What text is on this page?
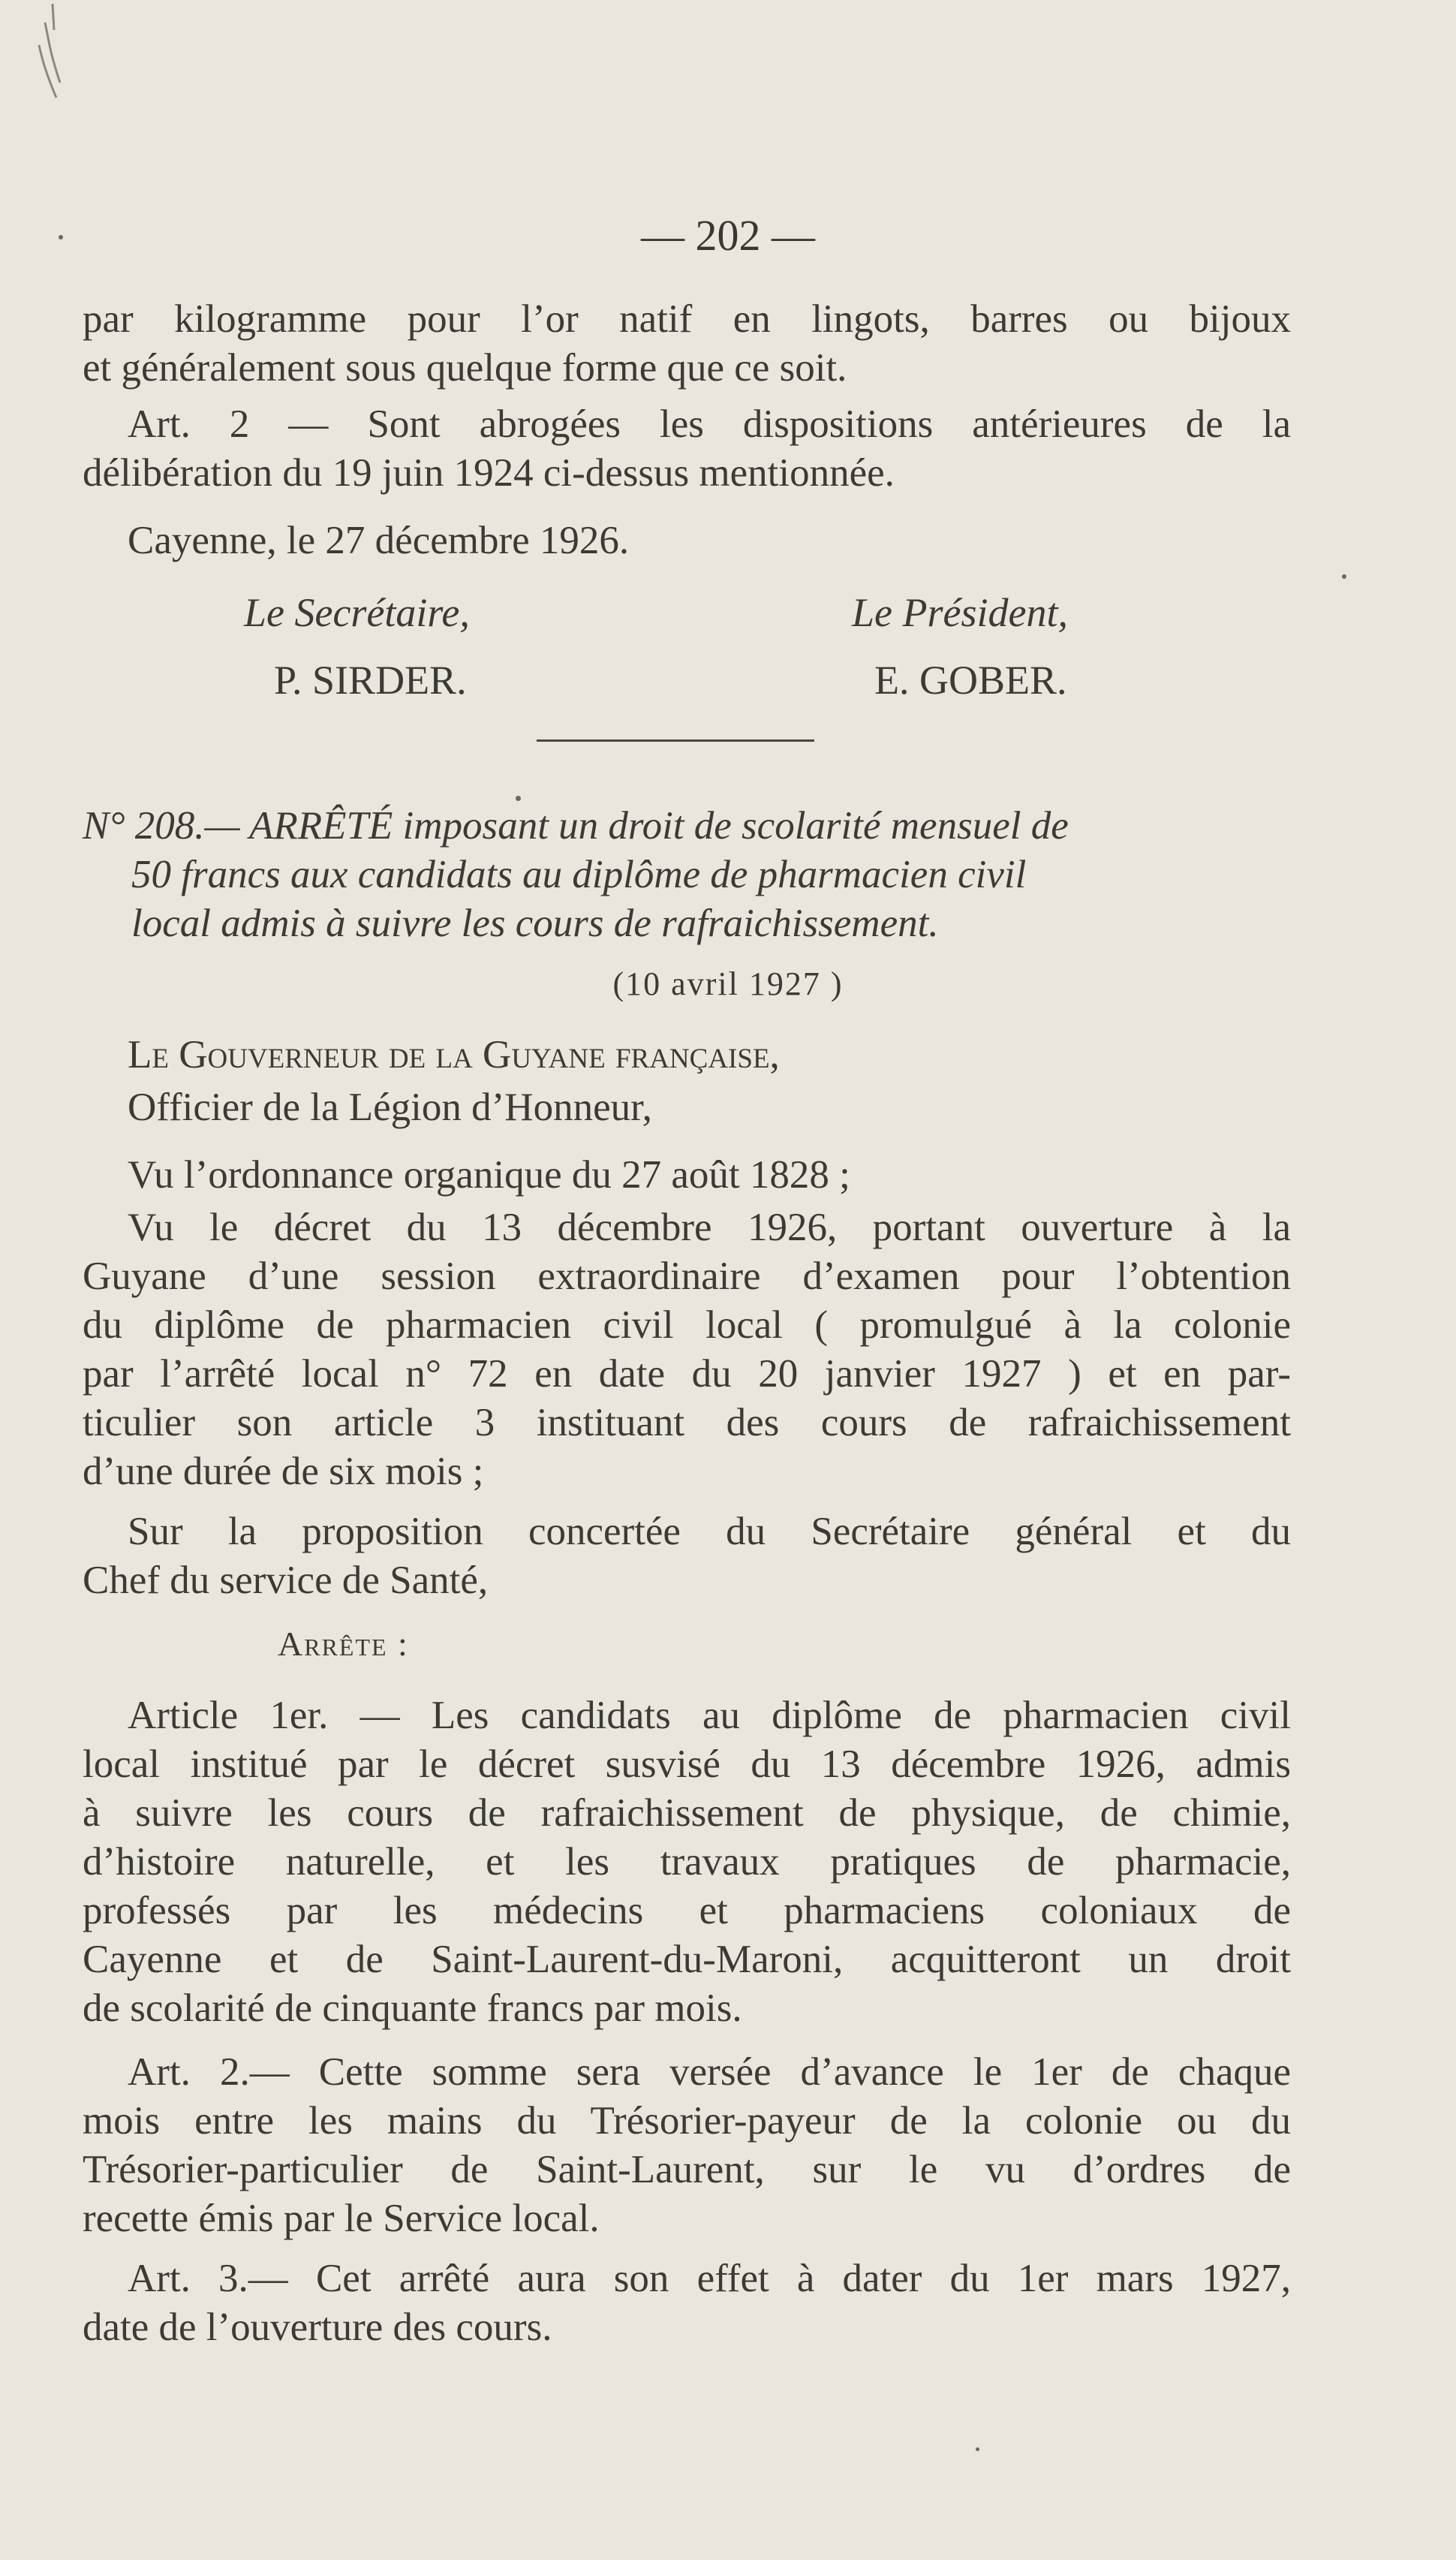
— 202 —
par kilogramme pour l’or natif en lingots, barres ou bijoux
et généralement sous quelque forme que ce soit.
Art. 2 — Sont abrogées les dispositions antérieures de la
délibération du 19 juin 1924 ci-dessus mentionnée.
Cayenne, le 27 décembre 1926.
Le Secrétaire,
P. SIRDER.
Le Président,
E. GOBER.
N° 208.— ARRÊTÉ imposant un droit de scolarité mensuel de
50 francs aux candidats au diplôme de pharmacien civil
local admis à suivre les cours de rafraichissement.
(10 avril 1927 )
Le Gouverneur de la Guyane française,
Officier de la Légion d’Honneur,
Vu l’ordonnance organique du 27 août 1828 ;
Vu le décret du 13 décembre 1926, portant ouverture à la
Guyane d’une session extraordinaire d’examen pour l’obtention
du diplôme de pharmacien civil local ( promulgué à la colonie
par l’arrêté local n° 72 en date du 20 janvier 1927 ) et en par-
ticulier son article 3 instituant des cours de rafraichissement
d’une durée de six mois ;
Sur la proposition concertée du Secrétaire général et du
Chef du service de Santé,
Arrête :
Article 1er. — Les candidats au diplôme de pharmacien civil
local institué par le décret susvisé du 13 décembre 1926, admis
à suivre les cours de rafraichissement de physique, de chimie,
d’histoire naturelle, et les travaux pratiques de pharmacie,
professés par les médecins et pharmaciens coloniaux de
Cayenne et de Saint-Laurent-du-Maroni, acquitteront un droit
de scolarité de cinquante francs par mois.
Art. 2.— Cette somme sera versée d’avance le 1er de chaque
mois entre les mains du Trésorier-payeur de la colonie ou du
Trésorier-particulier de Saint-Laurent, sur le vu d’ordres de
recette émis par le Service local.
Art. 3.— Cet arrêté aura son effet à dater du 1er mars 1927,
date de l’ouverture des cours.
